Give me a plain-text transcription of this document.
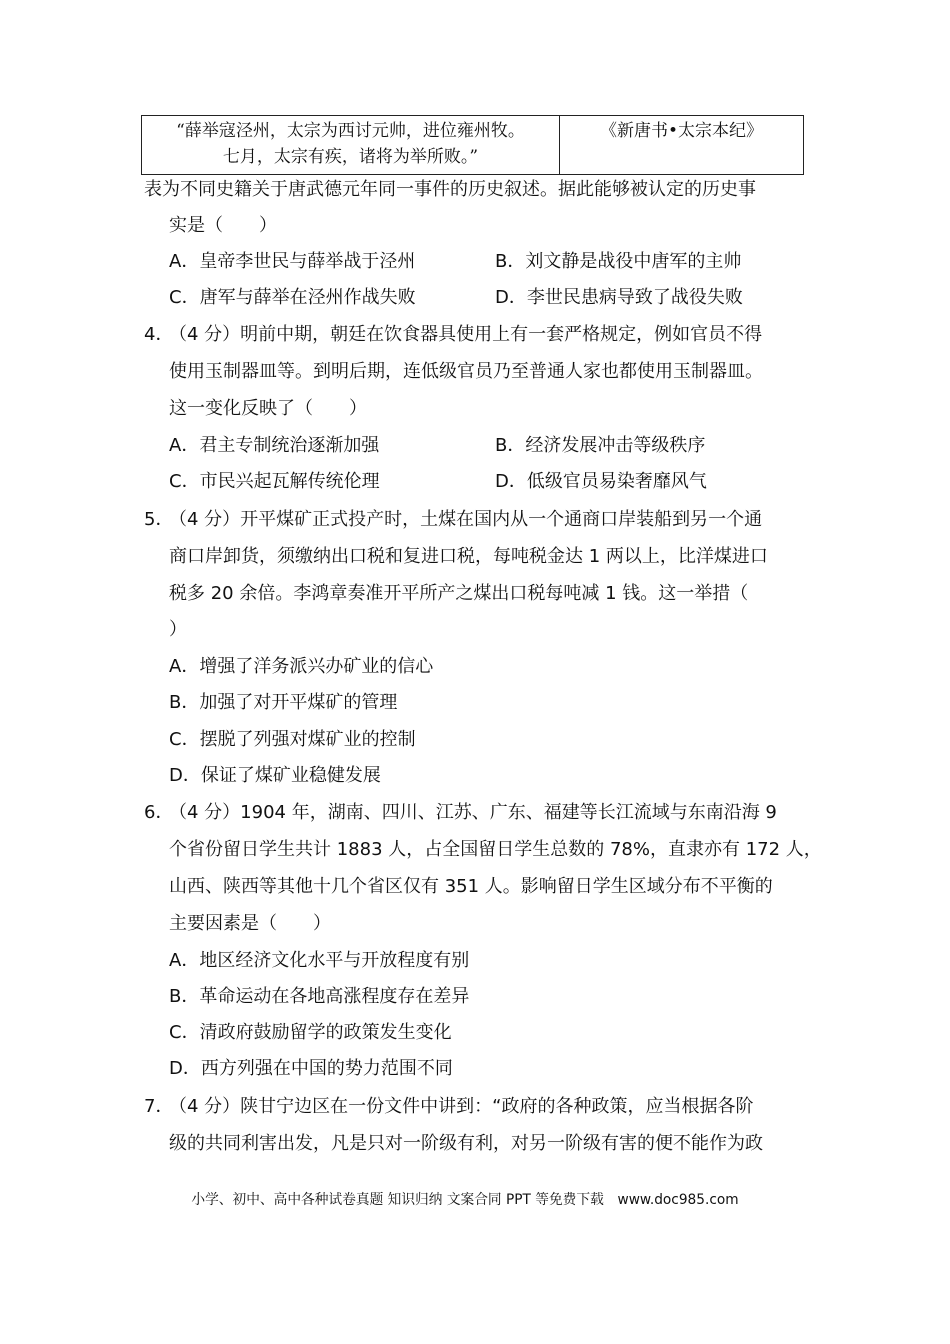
“薛举寇泾州，太宗为西讨元帅，进位雍州牧。
七月，太宗有疾，诸将为举所败。”
	《新唐书•太宗本纪》
表为不同史籍关于唐武德元年同一事件的历史叙述。据此能够被认定的历史事
实是（　　）
A．皇帝李世民与薛举战于泾州	B．刘文静是战役中唐军的主帅
C．唐军与薛举在泾州作战失败	D．李世民患病导致了战役失败
4．
（4 分）明前中期，朝廷在饮食器具使用上有一套严格规定，例如官员不得
使用玉制器皿等。到明后期，连低级官员乃至普通人家也都使用玉制器皿。
这一变化反映了（　　）
A．君主专制统治逐渐加强	B．经济发展冲击等级秩序
C．市民兴起瓦解传统伦理	D．低级官员易染奢靡风气
5．
（4 分）开平煤矿正式投产时，土煤在国内从一个通商口岸装船到另一个通
商口岸卸货，须缴纳出口税和复进口税，每吨税金达 1 两以上，比洋煤进口
税多 20 余倍。李鸿章奏准开平所产之煤出口税每吨减 1 钱。这一举措（
）
A．增强了洋务派兴办矿业的信心
B．加强了对开平煤矿的管理
C．摆脱了列强对煤矿业的控制
D．保证了煤矿业稳健发展
6．
（4 分）1904 年，湖南、四川、江苏、广东、福建等长江流域与东南沿海 9
个省份留日学生共计 1883 人，占全国留日学生总数的 78%，直隶亦有 172 人，
山西、陕西等其他十几个省区仅有 351 人。影响留日学生区域分布不平衡的
主要因素是（　　）
A．地区经济文化水平与开放程度有别
B．革命运动在各地高涨程度存在差异
C．清政府鼓励留学的政策发生变化
D．西方列强在中国的势力范围不同
7．
（4 分）陕甘宁边区在一份文件中讲到：“政府的各种政策，应当根据各阶
级的共同利害出发，凡是只对一阶级有利，对另一阶级有害的便不能作为政
小学、初中、高中各种试卷真题 知识归纳 文案合同 PPT 等免费下载　www.doc985.com
